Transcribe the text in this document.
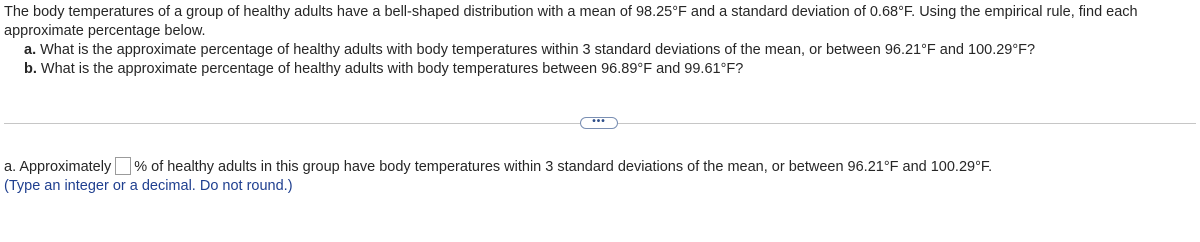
The body temperatures of a group of healthy adults have a bell-shaped distribution with a mean of 98.25°F and a standard deviation of 0.68°F. Using the empirical rule, find each approximate percentage below.
a. What is the approximate percentage of healthy adults with body temperatures within 3 standard deviations of the mean, or between 96.21°F and 100.29°F?
b. What is the approximate percentage of healthy adults with body temperatures between 96.89°F and 99.61°F?
•••
a. Approximately % of healthy adults in this group have body temperatures within 3 standard deviations of the mean, or between 96.21°F and 100.29°F.
(Type an integer or a decimal. Do not round.)
